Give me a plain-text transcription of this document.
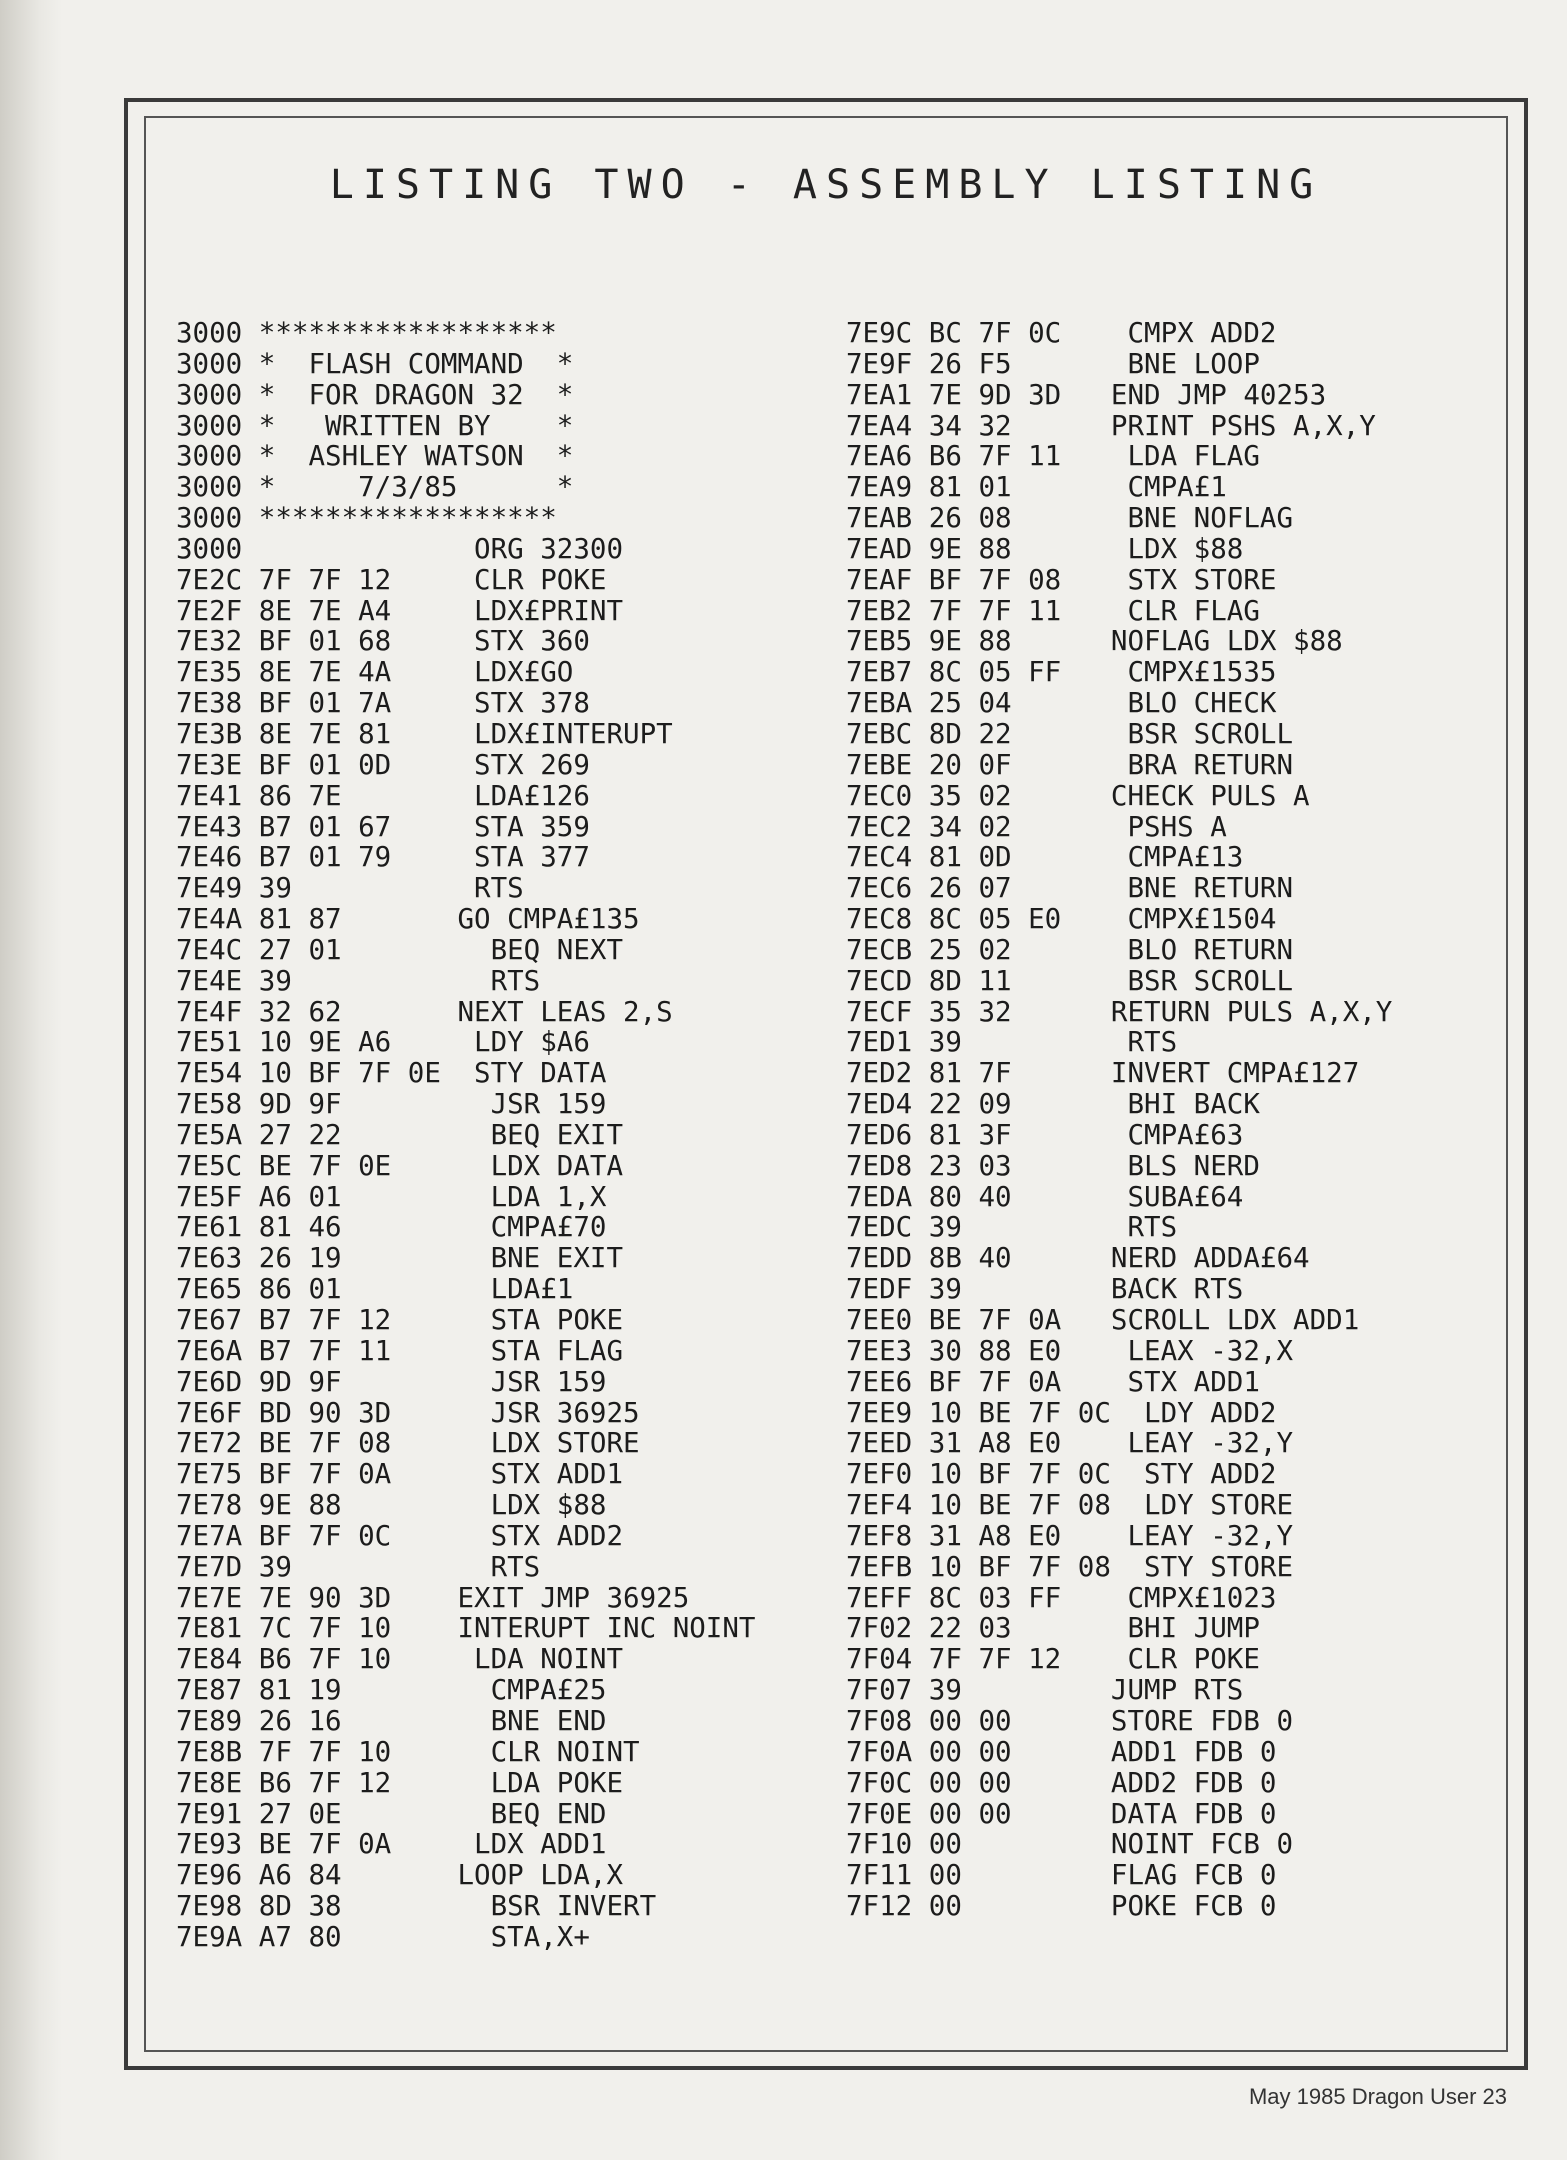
LISTING TWO - ASSEMBLY LISTING
3000 ******************
3000 *  FLASH COMMAND  *
3000 *  FOR DRAGON 32  *
3000 *   WRITTEN BY    *
3000 *  ASHLEY WATSON  *
3000 *     7/3/85      *
3000 ******************
3000              ORG 32300
7E2C 7F 7F 12     CLR POKE
7E2F 8E 7E A4     LDX£PRINT
7E32 BF 01 68     STX 360
7E35 8E 7E 4A     LDX£GO
7E38 BF 01 7A     STX 378
7E3B 8E 7E 81     LDX£INTERUPT
7E3E BF 01 0D     STX 269
7E41 86 7E        LDA£126
7E43 B7 01 67     STA 359
7E46 B7 01 79     STA 377
7E49 39           RTS
7E4A 81 87       GO CMPA£135
7E4C 27 01         BEQ NEXT
7E4E 39            RTS
7E4F 32 62       NEXT LEAS 2,S
7E51 10 9E A6     LDY $A6
7E54 10 BF 7F 0E  STY DATA
7E58 9D 9F         JSR 159
7E5A 27 22         BEQ EXIT
7E5C BE 7F 0E      LDX DATA
7E5F A6 01         LDA 1,X
7E61 81 46         CMPA£70
7E63 26 19         BNE EXIT
7E65 86 01         LDA£1
7E67 B7 7F 12      STA POKE
7E6A B7 7F 11      STA FLAG
7E6D 9D 9F         JSR 159
7E6F BD 90 3D      JSR 36925
7E72 BE 7F 08      LDX STORE
7E75 BF 7F 0A      STX ADD1
7E78 9E 88         LDX $88
7E7A BF 7F 0C      STX ADD2
7E7D 39            RTS
7E7E 7E 90 3D    EXIT JMP 36925
7E81 7C 7F 10    INTERUPT INC NOINT
7E84 B6 7F 10     LDA NOINT
7E87 81 19         CMPA£25
7E89 26 16         BNE END
7E8B 7F 7F 10      CLR NOINT
7E8E B6 7F 12      LDA POKE
7E91 27 0E         BEQ END
7E93 BE 7F 0A     LDX ADD1
7E96 A6 84       LOOP LDA,X
7E98 8D 38         BSR INVERT
7E9A A7 80         STA,X+
7E9C BC 7F 0C    CMPX ADD2
7E9F 26 F5       BNE LOOP
7EA1 7E 9D 3D   END JMP 40253
7EA4 34 32      PRINT PSHS A,X,Y
7EA6 B6 7F 11    LDA FLAG
7EA9 81 01       CMPA£1
7EAB 26 08       BNE NOFLAG
7EAD 9E 88       LDX $88
7EAF BF 7F 08    STX STORE
7EB2 7F 7F 11    CLR FLAG
7EB5 9E 88      NOFLAG LDX $88
7EB7 8C 05 FF    CMPX£1535
7EBA 25 04       BLO CHECK
7EBC 8D 22       BSR SCROLL
7EBE 20 0F       BRA RETURN
7EC0 35 02      CHECK PULS A
7EC2 34 02       PSHS A
7EC4 81 0D       CMPA£13
7EC6 26 07       BNE RETURN
7EC8 8C 05 E0    CMPX£1504
7ECB 25 02       BLO RETURN
7ECD 8D 11       BSR SCROLL
7ECF 35 32      RETURN PULS A,X,Y
7ED1 39          RTS
7ED2 81 7F      INVERT CMPA£127
7ED4 22 09       BHI BACK
7ED6 81 3F       CMPA£63
7ED8 23 03       BLS NERD
7EDA 80 40       SUBA£64
7EDC 39          RTS
7EDD 8B 40      NERD ADDA£64
7EDF 39         BACK RTS
7EE0 BE 7F 0A   SCROLL LDX ADD1
7EE3 30 88 E0    LEAX -32,X
7EE6 BF 7F 0A    STX ADD1
7EE9 10 BE 7F 0C  LDY ADD2
7EED 31 A8 E0    LEAY -32,Y
7EF0 10 BF 7F 0C  STY ADD2
7EF4 10 BE 7F 08  LDY STORE
7EF8 31 A8 E0    LEAY -32,Y
7EFB 10 BF 7F 08  STY STORE
7EFF 8C 03 FF    CMPX£1023
7F02 22 03       BHI JUMP
7F04 7F 7F 12    CLR POKE
7F07 39         JUMP RTS
7F08 00 00      STORE FDB 0
7F0A 00 00      ADD1 FDB 0
7F0C 00 00      ADD2 FDB 0
7F0E 00 00      DATA FDB 0
7F10 00         NOINT FCB 0
7F11 00         FLAG FCB 0
7F12 00         POKE FCB 0
May 1985 Dragon User 23
